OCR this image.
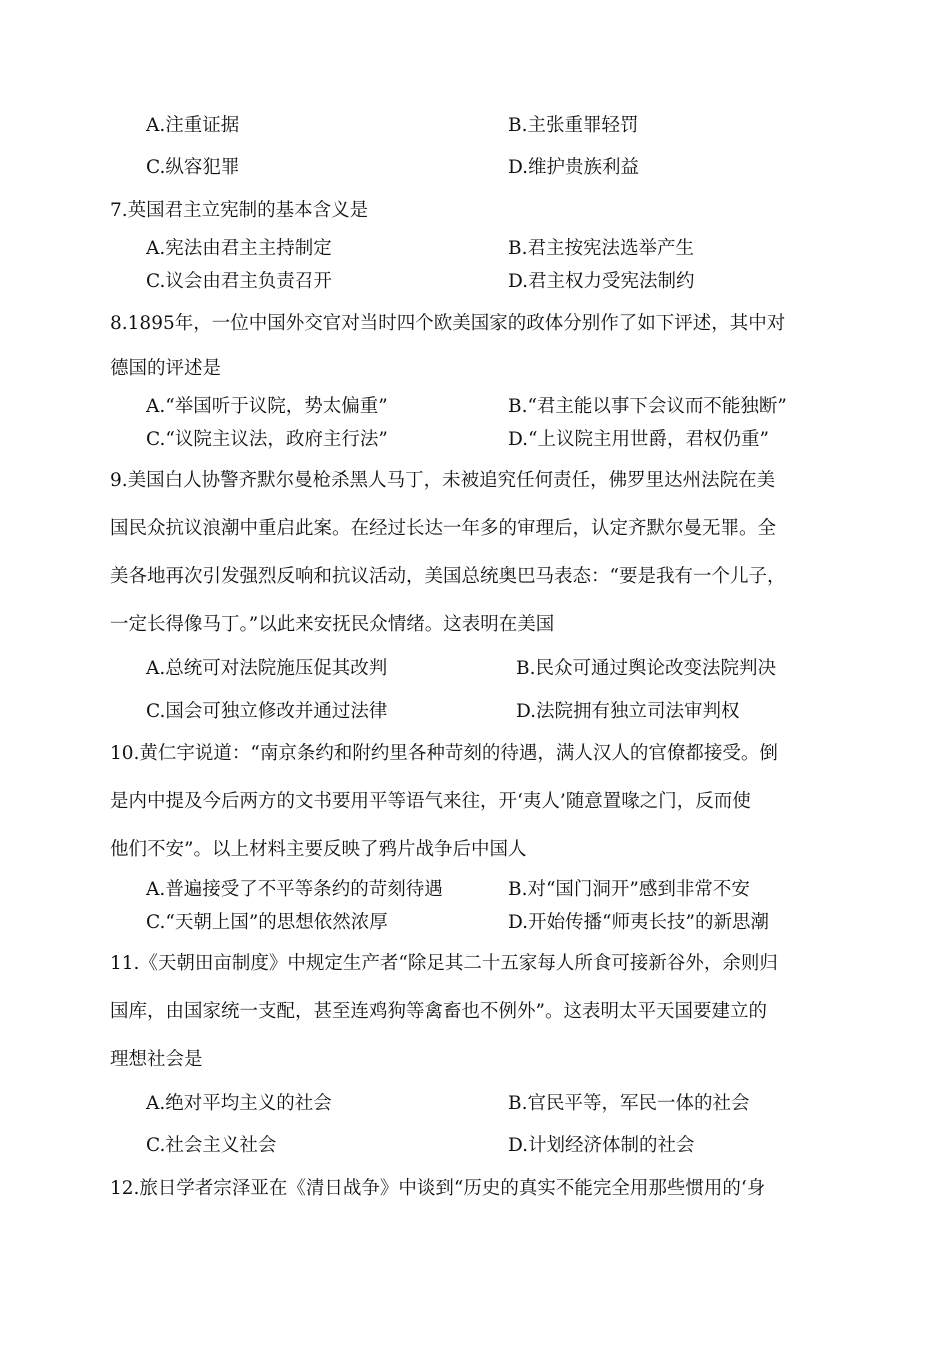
A.注重证据	B.主张重罪轻罚
C.纵容犯罪	D.维护贵族利益
7.英国君主立宪制的基本含义是
A.宪法由君主主持制定	B.君主按宪法选举产生
C.议会由君主负责召开	D.君主权力受宪法制约
8.1895年，一位中国外交官对当时四个欧美国家的政体分别作了如下评述，其中对
德国的评述是
A.“举国听于议院，势太偏重”	B.“君主能以事下会议而不能独断”
C.“议院主议法，政府主行法”	D.“上议院主用世爵，君权仍重”
9.美国白人协警齐默尔曼枪杀黑人马丁，未被追究任何责任，佛罗里达州法院在美
国民众抗议浪潮中重启此案。在经过长达一年多的审理后，认定齐默尔曼无罪。全
美各地再次引发强烈反响和抗议活动，美国总统奥巴马表态：“要是我有一个儿子，
一定长得像马丁。”以此来安抚民众情绪。这表明在美国
A.总统可对法院施压促其改判	B.民众可通过舆论改变法院判决
C.国会可独立修改并通过法律	D.法院拥有独立司法审判权
10.黄仁宇说道：“南京条约和附约里各种苛刻的待遇，满人汉人的官僚都接受。倒
是内中提及今后两方的文书要用平等语气来往，开‘夷人’随意置喙之门，反而使
他们不安”。以上材料主要反映了鸦片战争后中国人
A.普遍接受了不平等条约的苛刻待遇	B.对“国门洞开”感到非常不安
C.“天朝上国”的思想依然浓厚	D.开始传播“师夷长技”的新思潮
11.《天朝田亩制度》中规定生产者“除足其二十五家每人所食可接新谷外，余则归
国库，由国家统一支配，甚至连鸡狗等禽畜也不例外”。这表明太平天国要建立的
理想社会是
A.绝对平均主义的社会	B.官民平等，军民一体的社会
C.社会主义社会	D.计划经济体制的社会
12.旅日学者宗泽亚在《清日战争》中谈到“历史的真实不能完全用那些惯用的‘身
